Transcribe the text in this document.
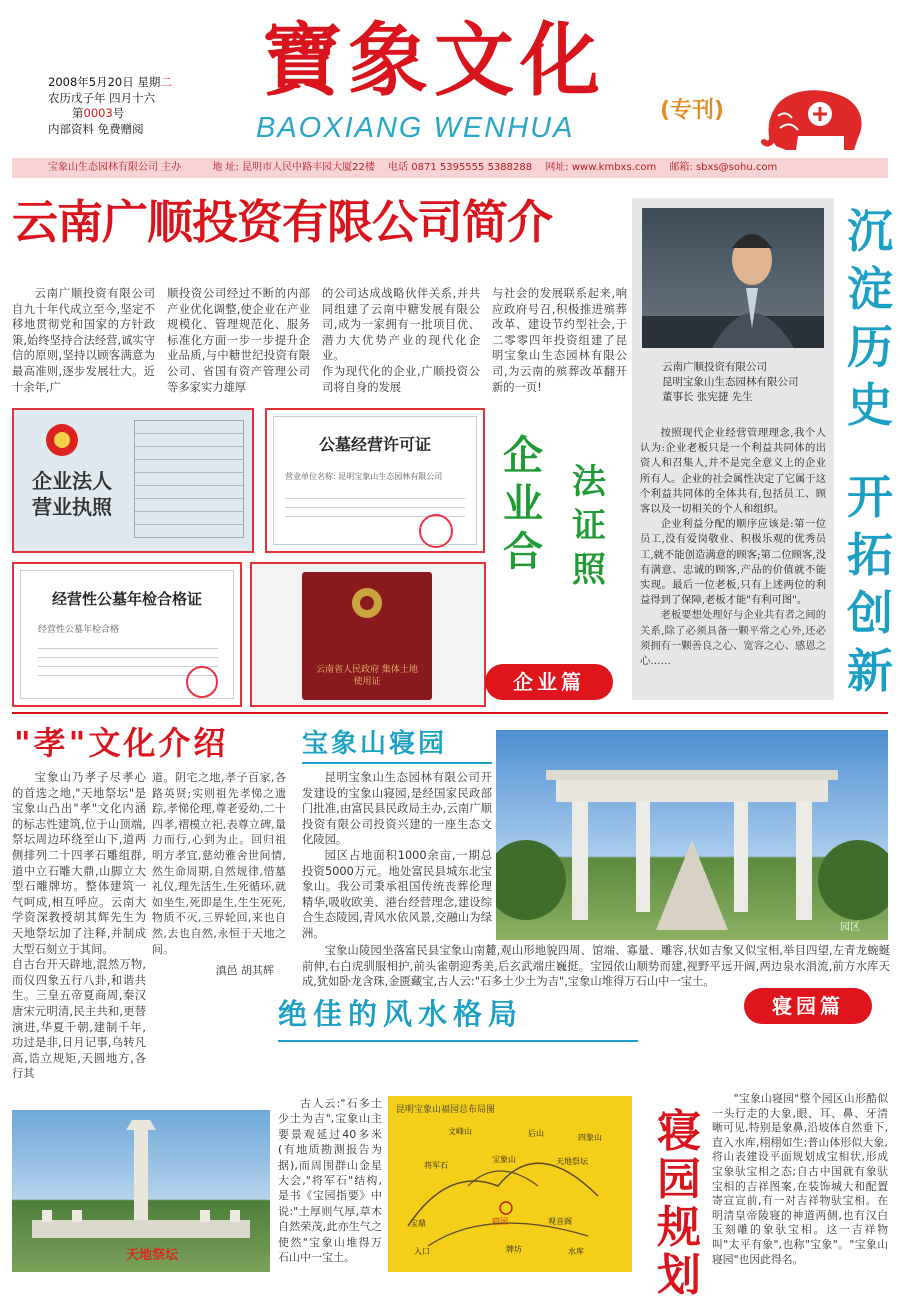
2008年5月20日 星期二
农历戊子年 四月十六
第0003号
内部资料 免费赠阅
寶象文化
BAOXIANG WENHUA
(专刊)
宝象山生态园林有限公司 主办	地 址: 昆明市人民中路丰园大厦22楼 电话 0871 5395555 5388288 网址: www.kmbxs.com 邮箱: sbxs@sohu.com
云南广顺投资有限公司简介

云南广顺投资有限公司自九十年代成立至今,坚定不移地贯彻党和国家的方针政策,始终坚持合法经营,诚实守信的原则,坚持以顾客满意为最高准则,逐步发展壮大。近十余年,广

顺投资公司经过不断的内部产业优化调整,使企业在产业规模化、管理规范化、服务标准化方面一步一步提升企业品质,与中糖世纪投资有限公司、省国有资产管理公司等多家实力雄厚

的公司达成战略伙伴关系,并共同组建了云南中糖发展有限公司,成为一家拥有一批项目优、潜力大优势产业的现代化企业。
作为现代化的企业,广顺投资公司将自身的发展

与社会的发展联系起来,响应政府号召,积极推进殡葬改革、建设节约型社会,于二零零四年投资组建了昆明宝象山生态园林有限公司,为云南的殡葬改革翻开新的一页!

企业法人营业执照
公墓经营许可证
营业单位名称: 昆明宝象山生态园林有限公司
经营性公墓年检合格证
经营性公墓年检合格
云南省人民政府 集体土地使用证
企
业
合
法
证
照
企业篇
云南广顺投资有限公司
昆明宝象山生态园林有限公司
董事长 张宪捷 先生

按照现代企业经营管理理念,我个人认为:企业老板只是一个利益共同体的出资人和召集人,并不是完全意义上的企业所有人。企业的社会属性决定了它属于这个利益共同体的全体共有,包括员工、顾客以及一切相关的个人和组织。

企业利益分配的顺序应该是:第一位员工,没有爱岗敬业、积极乐观的优秀员工,就不能创造满意的顾客;第二位顾客,没有满意、忠诚的顾客,产品的价值就不能实现。最后一位老板,只有上述两位的利益得到了保障,老板才能"有利可图"。

老板要想处理好与企业共有者之间的关系,除了必须具备一颗平常之心外,还必须拥有一颗善良之心、宽容之心、感恩之心……

沉
淀
历
史
开
拓
创
新
"孝"文化介绍

宝象山乃孝子尽孝心的首选之地,"天地祭坛"是宝象山凸出"孝"文化内涵的标志性建筑,位于山顶端,祭坛周边环绕至山下,道两侧排列二十四孝石雕组群,道中立石雕大鼎,山脚立大型石雕牌坊。整体建筑一气呵成,相互呼应。云南大学资深教授胡其辉先生为天地祭坛加了注释,并制成大型石刻立于其间。

自古台开天辟地,混然万物,而仪四象五行八卦,和谐共生。三皇五帝夏商周,秦汉唐宋元明清,民主共和,更替演进,华夏千朝,建制千年,功过是非,日月记事,乌转凡高,诰立规矩,天圆地方,各行其

道。阴宅之地,孝子百家,各路英贤;实则祖先孝悌之遗踪,孝悌伦理,尊老爱幼,二十四孝,褶模立祀,表尊立碑,量力而行,心到为止。回归祖明方孝宜,慈幼雅舍世间情,然生命周期,自然规律,惜墓礼仪,理先活生,生死循环,就如坐生,死即是生,生生死死,物质不灭,三界轮回,来也自然,去也自然,永恒于天地之间。

滇邑 胡其辉
天地祭坛
宝象山寝园

昆明宝象山生态园林有限公司开发建设的宝象山寝园,是经国家民政部门批准,由富民县民政局主办,云南广顺投资有限公司投资兴建的一座生态文化陵园。

园区占地面积1000余亩,一期总投资5000万元。地处富民县城东北宝象山。我公司秉承祖国传统丧葬伦理精华,吸收欧美、港台经营理念,建设综合生态陵园,青风水依风景,交融山为绿洲。

宝象山陵园坐落富民县宝象山南麓,观山形地貌四周、馆端、寡量、雕容,状如吉象又似宝相,举目四望,左青龙蜿蜒前伸,右白虎驯服相护,前头雀朝迎秀美,后玄武端庄巍挺。宝园依山顺势而建,视野平远开阔,两边泉水涓流,前方水库天成,犹如卧龙含珠,金匮藏宝,古人云:"石多土少土为吉",宝象山堆得万石山中一宝土。

园区
寝园篇
绝佳的风水格局

古人云:"石多土少土为吉",宝象山主要景观延过40多米(有地质勘测报告为据),而周围群山金星大会,"将军石"结构,是书《宝园指要》中说:"土厚则气厚,草木自然荣茂,此亦生气之使然"宝象山堆得万石山中一宝土。

昆明宝象山福园总布局图
宝象山
将军石	天地祭坛
寝园
牌坊	水库
入口
宝鼎	观音阁
后山
文峰山
四象山 寝
园
规
划

"宝象山寝园"整个园区山形酷似一头行走的大象,眼、耳、鼻、牙清晰可见,特别是象鼻,沿坡体自然垂下,直入水库,栩栩如生;普山体形似大象,将山表建设平面规划成宝相状,形成宝象驮宝相之态;自古中国就有象驮宝相的吉祥图案,在装饰城大和配置寄宣宣前,有一对吉祥物驮宝相。在明清皇帝陵寝的神道两侧,也有汉白玉刻雕的象驮宝相。这一吉祥物叫"太平有象",也称"宝象"。"宝象山寝园"也因此得名。
